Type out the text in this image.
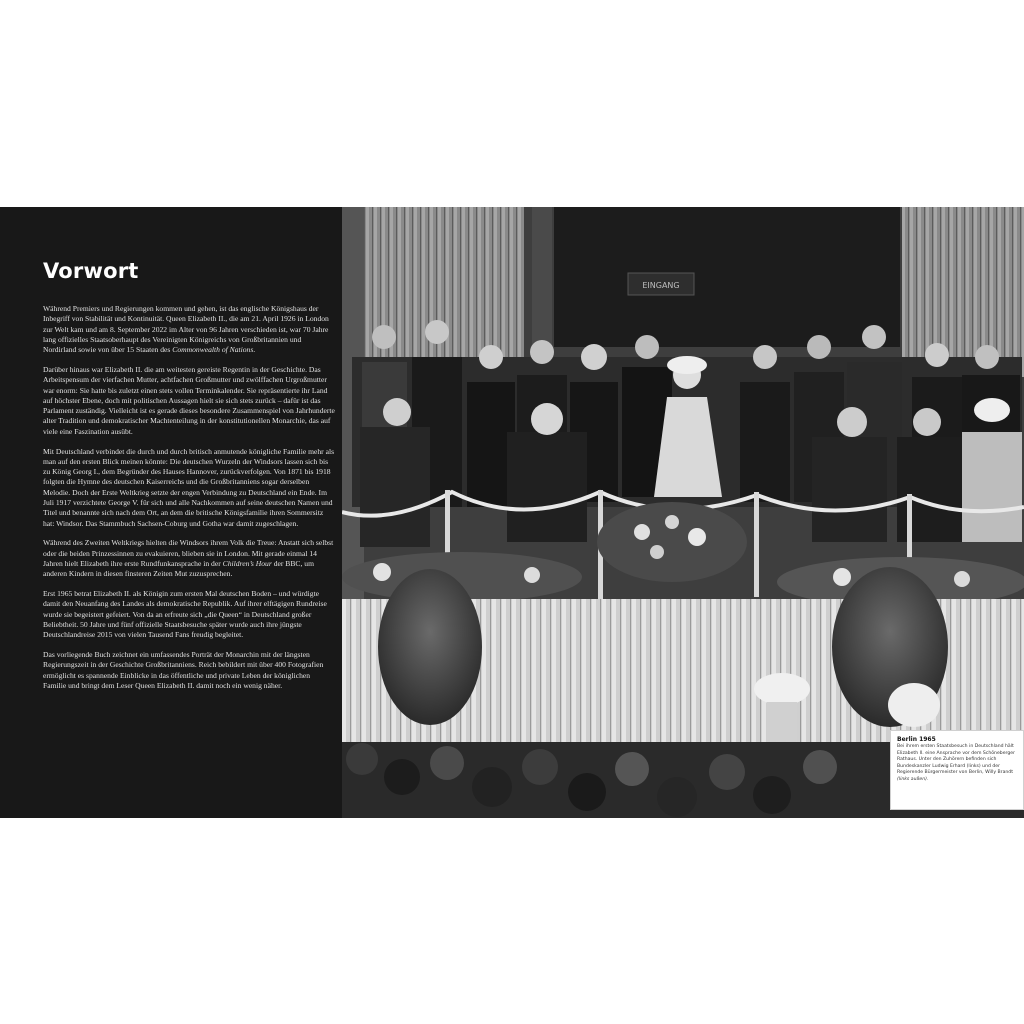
Vorwort

Während Premiers und Regierungen kommen und gehen, ist das englische Königshaus der Inbegriff von Stabilität und Kontinuität. Queen Elizabeth II., die am 21. April 1926 in London zur Welt kam und am 8. September 2022 im Alter von 96 Jahren verschieden ist, war 70 Jahre lang offizielles Staatsoberhaupt des Vereinigten Königreichs von Großbritannien und Nordirland sowie von über 15 Staaten des Commonwealth of Nations.

Darüber hinaus war Elizabeth II. die am weitesten gereiste Regentin in der Geschichte. Das Arbeitspensum der vierfachen Mutter, achtfachen Großmutter und zwölffachen Urgroßmutter war enorm: Sie hatte bis zuletzt einen stets vollen Terminkalender. Sie repräsentierte ihr Land auf höchster Ebene, doch mit politischen Aussagen hielt sie sich stets zurück – dafür ist das Parlament zuständig. Vielleicht ist es gerade dieses besondere Zusammenspiel von Jahrhunderte alter Tradition und demokratischer Machtenteilung in der konstitutionellen Monarchie, das auf viele eine Faszination ausübt.

Mit Deutschland verbindet die durch und durch britisch anmutende königliche Familie mehr als man auf den ersten Blick meinen könnte: Die deutschen Wurzeln der Windsors lassen sich bis zu König Georg I., dem Begründer des Hauses Hannover, zurückverfolgen. Von 1871 bis 1918 folgten die Hymne des deutschen Kaiserreichs und die Großbritanniens sogar derselben Melodie. Doch der Erste Weltkrieg setzte der engen Verbindung zu Deutschland ein Ende. Im Juli 1917 verzichtete George V. für sich und alle Nachkommen auf seine deutschen Namen und Titel und benannte sich nach dem Ort, an dem die britische Königsfamilie ihren Sommersitz hat: Windsor. Das Stammbuch Sachsen-Coburg und Gotha war damit zugeschlagen.

Während des Zweiten Weltkriegs hielten die Windsors ihrem Volk die Treue: Anstatt sich selbst oder die beiden Prinzessinnen zu evakuieren, blieben sie in London. Mit gerade einmal 14 Jahren hielt Elizabeth ihre erste Rundfunkansprache in der Children’s Hour der BBC, um anderen Kindern in diesen finsteren Zeiten Mut zuzusprechen.

Erst 1965 betrat Elizabeth II. als Königin zum ersten Mal deutschen Boden – und würdigte damit den Neuanfang des Landes als demokratische Republik. Auf ihrer elftägigen Rundreise wurde sie begeistert gefeiert. Von da an erfreute sich „die Queen“ in Deutschland großer Beliebtheit. 50 Jahre und fünf offizielle Staatsbesuche später wurde auch ihre jüngste Deutschlandreise 2015 von vielen Tausend Fans freudig begleitet.

Das vorliegende Buch zeichnet ein umfassendes Porträt der Monarchin mit der längsten Regierungszeit in der Geschichte Großbritanniens. Reich bebildert mit über 400 Fotografien ermöglicht es spannende Einblicke in das öffentliche und private Leben der königlichen Familie und bringt dem Leser Queen Elizabeth II. damit noch ein wenig näher.

EINGANG

Berlin 1965

Bei ihrem ersten Staatsbesuch in Deutschland hält Elizabeth II. eine Ansprache vor dem Schöneberger Rathaus. Unter den Zuhörern befinden sich Bundeskanzler Ludwig Erhard (links) und der Regierende Bürgermeister von Berlin, Willy Brandt (links außen).
